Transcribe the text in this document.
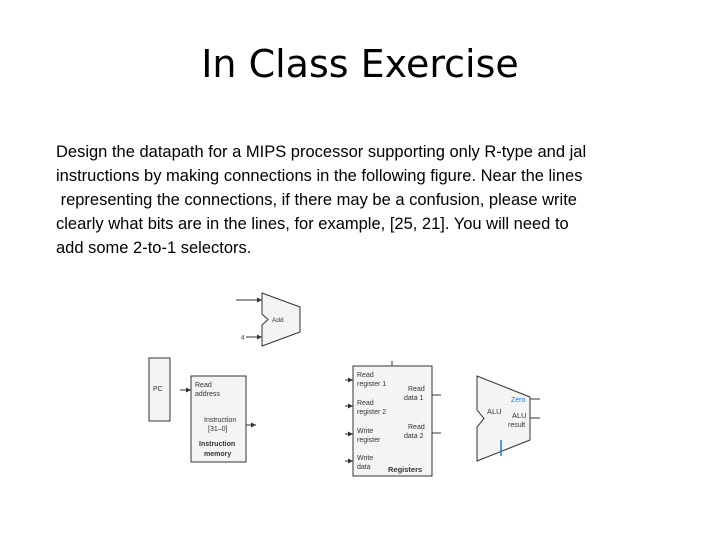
In Class Exercise
Design the datapath for a MIPS processor supporting only R-type and jal
instructions by making connections in the following figure. Near the lines
representing the connections, if there may be a confusion, please write
clearly what bits are in the lines, for example, [25, 21]. You will need to
add some 2-to-1 selectors.
Add
4
PC
Read
address
Instruction
[31–0]
Instruction
memory
Read
register 1
Read
register 2
Write
register
Write
data
Read
data 1
Read
data 2
Registers
ALU
Zero
ALU
result
